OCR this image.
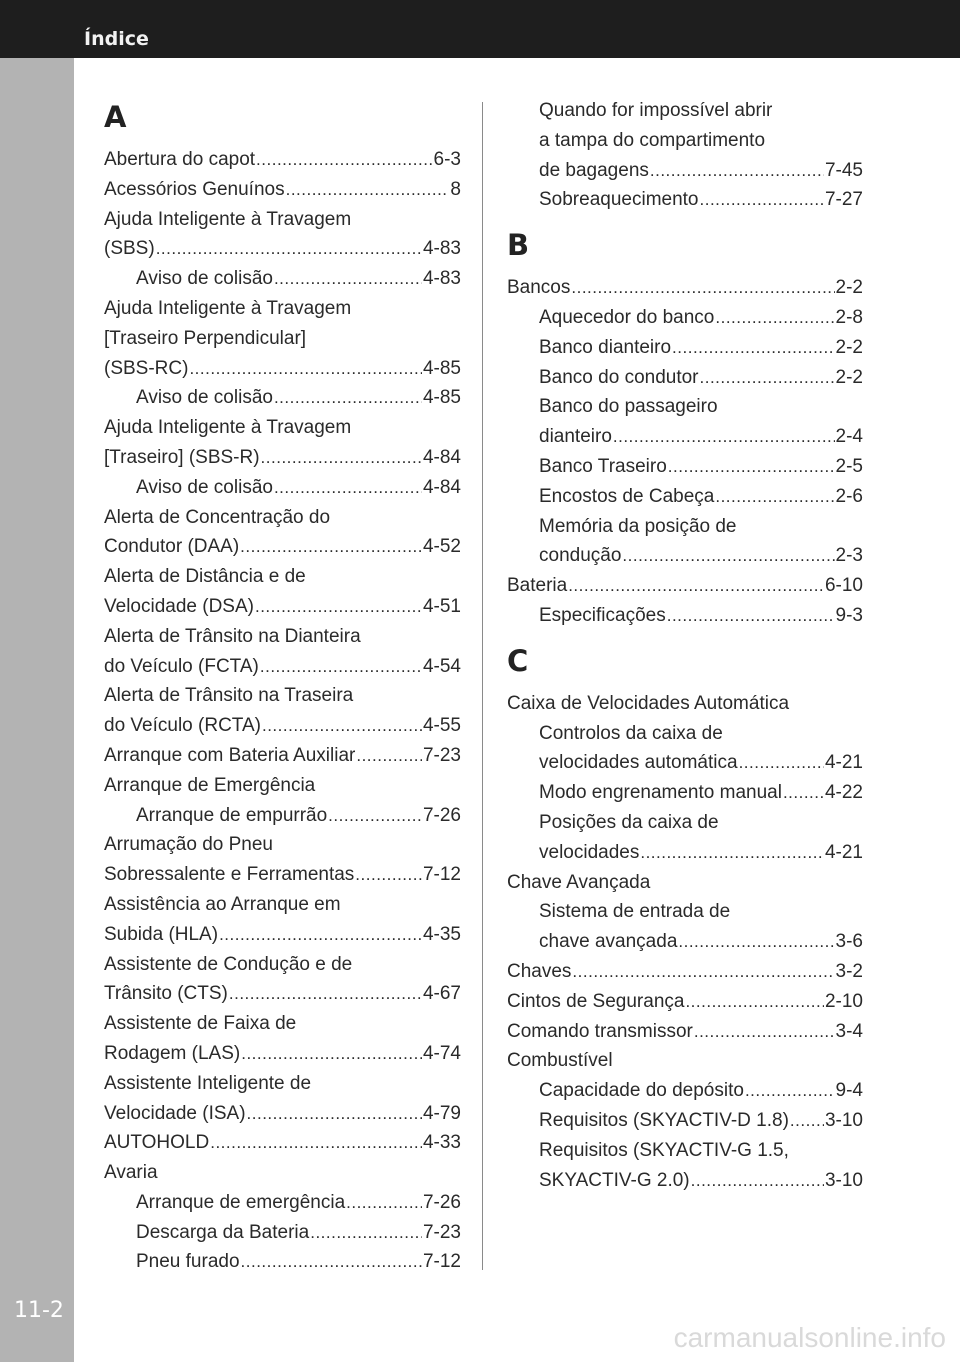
Índice
11-2
A
Abertura do capot .....	6-3
Acessórios Genuínos .....	8
Ajuda Inteligente à Travagem
(SBS) .....	4-83
Aviso de colisão .....	4-83
Ajuda Inteligente à Travagem
[Traseiro Perpendicular]
(SBS-RC) .....	4-85
Aviso de colisão .....	4-85
Ajuda Inteligente à Travagem
[Traseiro] (SBS-R) .....	4-84
Aviso de colisão .....	4-84
Alerta de Concentração do
Condutor (DAA) .....	4-52
Alerta de Distância e de
Velocidade (DSA) .....	4-51
Alerta de Trânsito na Dianteira
do Veículo (FCTA) .....	4-54
Alerta de Trânsito na Traseira
do Veículo (RCTA) .....	4-55
Arranque com Bateria Auxiliar .....	7-23
Arranque de Emergência
Arranque de empurrão .....	7-26
Arrumação do Pneu
Sobressalente e Ferramentas .....	7-12
Assistência ao Arranque em
Subida (HLA) .....	4-35
Assistente de Condução e de
Trânsito (CTS) .....	4-67
Assistente de Faixa de
Rodagem (LAS) .....	4-74
Assistente Inteligente de
Velocidade (ISA) .....	4-79
AUTOHOLD .....	4-33
Avaria
Arranque de emergência .....	7-26
Descarga da Bateria .....	7-23
Pneu furado .....	7-12
Quando for impossível abrir
a tampa do compartimento
de bagagens .....	7-45
Sobreaquecimento .....	7-27
B
Bancos .....	2-2
Aquecedor do banco .....	2-8
Banco dianteiro .....	2-2
Banco do condutor .....	2-2
Banco do passageiro
dianteiro .....	2-4
Banco Traseiro .....	2-5
Encostos de Cabeça .....	2-6
Memória da posição de
condução .....	2-3
Bateria .....	6-10
Especificações .....	9-3
C
Caixa de Velocidades Automática
Controlos da caixa de
velocidades automática .....	4-21
Modo engrenamento manual ..... 4-22
Posições da caixa de
velocidades .....	4-21
Chave Avançada
Sistema de entrada de
chave avançada .....	3-6
Chaves .....	3-2
Cintos de Segurança .....	2-10
Comando transmissor .....	3-4
Combustível
Capacidade do depósito .....	9-4
Requisitos (SKYACTIV-D 1.8) ..... 3-10
Requisitos (SKYACTIV-G 1.5,
SKYACTIV-G 2.0) .....	3-10
carmanualsonline.info
